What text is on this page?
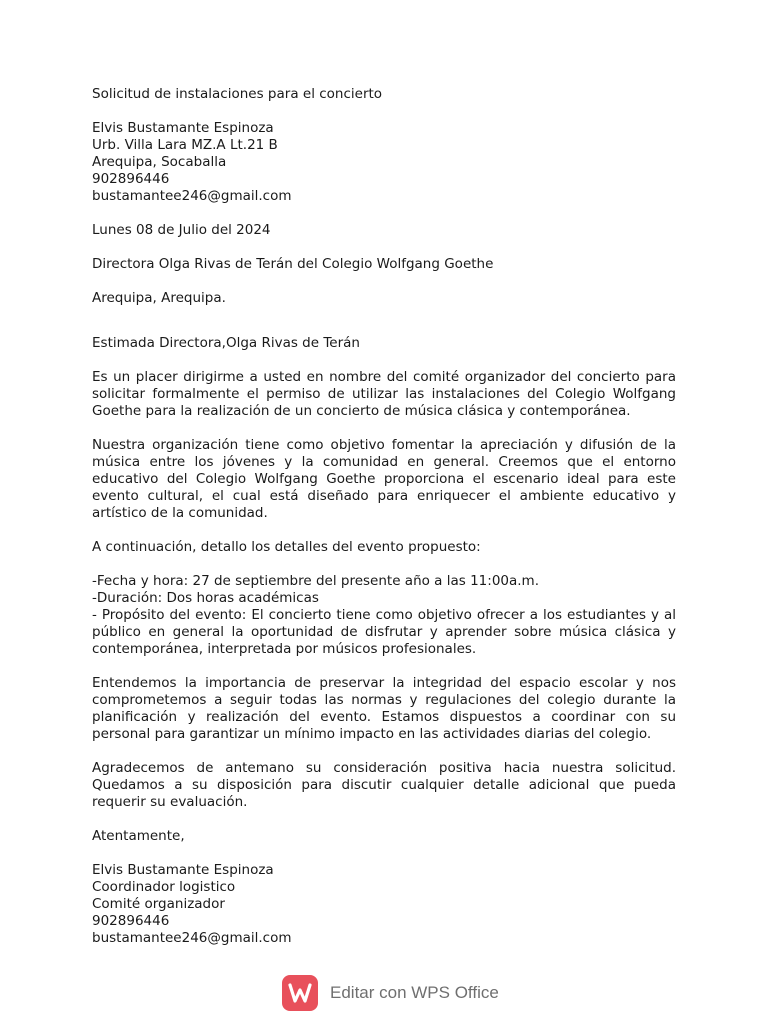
Solicitud de instalaciones para el concierto
Elvis Bustamante Espinoza
Urb. Villa Lara MZ.A Lt.21 B
Arequipa, Socaballa
902896446
bustamantee246@gmail.com
Lunes 08 de Julio del 2024
Directora Olga Rivas de Terán del Colegio Wolfgang Goethe
Arequipa, Arequipa.
Estimada Directora,Olga Rivas de Terán
Es un placer dirigirme a usted en nombre del comité organizador del concierto para solicitar formalmente el permiso de utilizar las instalaciones del Colegio Wolfgang Goethe para la realización de un concierto de música clásica y contemporánea.
Nuestra organización tiene como objetivo fomentar la apreciación y difusión de la música entre los jóvenes y la comunidad en general. Creemos que el entorno educativo del Colegio Wolfgang Goethe proporciona el escenario ideal para este evento cultural, el cual está diseñado para enriquecer el ambiente educativo y artístico de la comunidad.
A continuación, detallo los detalles del evento propuesto:
-Fecha y hora: 27 de septiembre del presente año a las 11:00a.m.
-Duración: Dos horas académicas
- Propósito del evento: El concierto tiene como objetivo ofrecer a los estudiantes y al público en general la oportunidad de disfrutar y aprender sobre música clásica y contemporánea, interpretada por músicos profesionales.
Entendemos la importancia de preservar la integridad del espacio escolar y nos comprometemos a seguir todas las normas y regulaciones del colegio durante la planificación y realización del evento. Estamos dispuestos a coordinar con su personal para garantizar un mínimo impacto en las actividades diarias del colegio.
Agradecemos de antemano su consideración positiva hacia nuestra solicitud. Quedamos a su disposición para discutir cualquier detalle adicional que pueda requerir su evaluación.
Atentamente,
Elvis Bustamante Espinoza
Coordinador logistico
Comité organizador
902896446
bustamantee246@gmail.com
Editar con WPS Office
